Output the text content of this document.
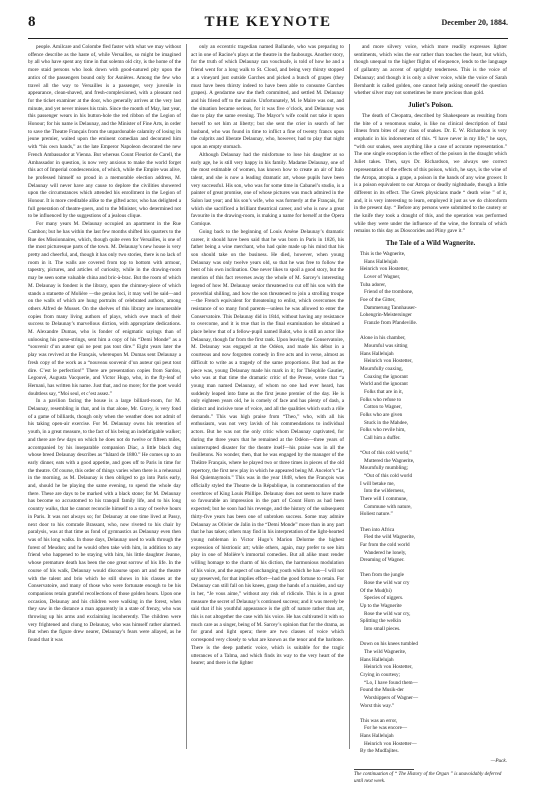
8	THE KEYNOTE	December 20, 1884.

people. Amilcare and Colombe fled faster with what we may without offence describe as the haste of, while Versailles, so might be imagined by all who have spent any time in that solemn old city, is the home of the more staid persons who look down with good-natured pity upon the antics of the passengers bound only for Asnières. Among the few who travel all the way to Versailles is a passenger, very juvenile in appearance, clean-shaved, and fresh-complexioned, with a pleasant nod for the ticket examiner at the door, who generally arrives at the very last minute, and yet never misses his train. Since the month of May, last year, this passenger wears in his button-hole the red ribbon of the Legion of Honour; for his name is Delaunay, and the Minister of Fine Arts, in order to save the Theatre Français from the unpardonable calamity of losing its jeune premier, waited upon the eminent comedian and decorated him with “his own hands,” as the late Emperor Napoleon decorated the new French Ambassador at Vienna. But whereas Count Fleuriot de Carell, the Ambassador in question, is now very anxious to make the world forget this act of Imperial condescension, of which, while the Empire was alive, he professed himself so proud in a memorable election address, M. Delaunay will never have any cause to deplore the civilities showered upon the circumstances which attended his enrollment in the Legion of Honour. It is more creditable alike to the gifted actor, who has delighted a full generation of theatre-goers, and to the Minister, who determined not to be influenced by the suggestions of a jealous clique.

For many years M. Delaunay occupied an apartment in the Rue Cambon; but he has within the last few months shifted his quarters to the Rue des Missionnaires, which, though quite even for Versailles, is one of the most picturesque parts of the town. M. Delaunay’s new house is very pretty and cheerful, and, though it has only two stories, there is no lack of room in it. The walls are covered from top to bottom with armour, tapestry, pictures, and articles of curiosity, while in the drawing-room may be seen some valuable china and bric-à-brac. But the room of which M. Delaunay is fondest is the library, upon the chimney-piece of which stands a statuette of Molière —the genius loci, it may well be said—and on the walls of which are hung portraits of celebrated authors, among others Alfred de Musset. On the shelves of this library are innumerable copies from many living authors of plays, which owe much of their success to Delaunay’s marvellous diction, with appropriate dedications. M. Alexandre Dumas, who is fonder of enigmatic sayings than of unloosing his purse-strings, sent him a copy of his “Demi Monde” as a “souvenir d’un auteur qui ne peut pas tout dire.” Eight years later the play was revived at the Français, whereupon M. Dumas sent Delaunay a fresh copy of the work as a “nouveau souvenir d’un auteur qui peut tout dire. C’est le perfection!” There are presentation copies from Sardou, Legouvé, Augusta Vacquerie, and Victor Hugo, who, in the fly-leaf of Hernani, has written his name. Just that, and no more; for the poet would doubtless say, “Moi seul, et c’est assez.”

In a pavilion facing the house is a large billiard-room, for M. Delaunay, resembling in that, and in that alone, Mr. Gravy, is very fond of a game of billiards, though only when the weather does not admit of his taking open-air exercise. For M. Delaunay owns his retention of youth, in a great measure, to the fact of his being an indefatigable walker; and there are few days on which he does not do twelve or fifteen miles, accompanied by his inseparable companion Diac, a little black dog whose breed Delaunay describes as “bâtard de 1880.” He comes up to an early dinner, eats with a good appetite, and goes off to Paris in time for the theatre. Of course, this order of things varies when there is a rehearsal in the morning, as M. Delaunay is then obliged to go into Paris early, and, should he be playing the same evening, to spend the whole day there. These are days to be marked with a black stone; for M. Delaunay has become so accustomed to his tranquil family life, and to his long country walks, that he cannot reconcile himself to a stay of twelve hours in Paris. It was not always so; for Delaunay at one time lived at Passy, next door to his comrade Brassant, who, now riveted to his chair by paralysis, was at that time as fond of gymnastics as Delaunay even then was of his long walks. In those days, Delaunay used to walk through the forest of Meudon; and he would often take with him, in addition to any friend who happened to be staying with him, his little daughter Jeanne, whose premature death has been the one great sorrow of his life. In the course of his walk, Delaunay would discourse upon art and the theatre with the talent and brio which he still shows in his classes at the Conservatoire, and many of those who were fortunate enough to be his companions retain grateful recollections of those golden hours. Upon one occasion, Delaunay and his children were walking in the forest, when they saw in the distance a man apparently in a state of frenzy, who was throwing up his arms and exclaiming incoherently. The children were very frightened and clung to Delaunay, who was himself rather alarmed. But when the figure drew nearer, Delaunay’s fears were allayed, as he found that it was

only an eccentric tragedian named Ballande, who was preparing to act in one of Racine’s plays at the theatre in the faubourgs. Another story, for the truth of which Delaunay can vouchsafe, is told of how he and a friend went for a long walk to St. Cloud, and being very thirsty stopped at a vineyard just outside Garches and picked a bunch of grapes (they must have been thirsty indeed to have been able to consume Garches grapes). A gendarme saw the theft committed, and settled M. Delaunay and his friend off to the mairie. Unfortunately, M. le Maire was out, and the situation became serious, for it was five o’clock, and Delaunay was due to play the same evening. The Mayor’s wife could not take it upon herself to set him at liberty; but she sent the crier in search of her husband, who was found in time to inflict a fine of twenty francs upon the culprits and liberate Delaunay, who, however, had to play that night upon an empty stomach.

Although Delaunay had the misfortune to lose his daughter at so early age, he is still very happy in his family. Madame Delaunay, one of the most estimable of women, has known how to create an air of Italo talent, and she is now a leading dramatic art, whose pupils have been very successful. His son, who was for some time in Cabanel’s studio, is a painter of great promise, one of whose pictures was much admired in the Salon last year; and his son’s wife, who was formerly at the Français, for which she sacrificed a brilliant theatrical career, and who is now a great favourite in the drawing-room, is making a name for herself at the Opera Comique.

Going back to the beginning of Louis Arsène Delaunay’s dramatic career, it should have been said that he was born in Paris in 1826, his father being a wine merchant, who had quite made up his mind that his son should take on the business. He died, however, when young Delaunay was only twelve years old, so that he was free to follow the bent of his own inclination. One never likes to spoil a good story, but the mention of this fact reverses away the whole of M. Sarcey’s interesting legend of how M. Delaunay senior threatened to cut off his son with the proverbial shilling, and how the son threatened to join a strolling troupe —the French equivalent for threatening to enlist, which overcomes the resistance of so many fond parents—unless he was allowed to enter the Conservatoire. This Delaunay did in 1844, without having any resistance to overcome, and it is true that in the final examination he obtained a place below that of a fellow-pupil named Balot, who is still an actor like Delaunay, though far from the first rank. Upon leaving the Conservatoire, M. Delaunay was engaged at the Odéon, and made his début in a courteous and now forgotten comedy in five acts and in verse, almost as difficult to write as a tragedy of the same proportions. But bad as the piece was, young Delaunay made his mark in it; for Théophile Gautier, who was at that time the dramatic critic of the Presse, wrote that “a young man named Delaunay, of whom no one had ever heard, has suddenly leaped into fame as the first jeune premier of the day. He is only eighteen years old, he is comely of face and has plenty of dash, a distinct and incisive tone of voice, and all the qualities which such a rôle demands.” This was high praise from “Theo,” who, with all his enthusiasm, was not very lavish of his commendations to individual actors. But he was not the only critic whom Delaunay captivated, for during the three years that he remained at the Odéon—three years of uninterrupted disaster for the theatre itself—his praise was in all the feuilletons. No wonder, then, that he was engaged by the manager of the Théâtre Français, where he played two or three times in pieces of the old repertory, the first new play in which he appeared being M. Ancelot’s “Le Roi Quiemaymoin.” This was in the year 1848, when the François was officially styled the Theatre de la République, in commemoration of the overthrow of King Louis Phillipe. Delaunay does not seem to have made so favourable an impression in the part of Count Horn as had been expected; but he soon had his revenge, and the history of the subsequent thirty-five years has been one of unbroken success. Some may admire Delaunay as Olivier de Jalin in the “Demi Monde” more than in any part that he has taken; others may find in his interpretation of the light-hearted young nobleman in Victor Hugo’s Marion Delorme the highest expression of histrionic art; while others, again, may prefer to see him play in one of Molière’s immortal comedies. But all alike must render willing homage to the charm of his diction, the harmonious modulation of his voice, and the aspect of unchanging youth which he has—I will not say preserved, for that implies effort—had the good fortune to retain. For Delaunay can still fall on his knees, grasp the hands of a maiden, and say in her, “Je vous aime,” without any risk of ridicule. This is in a great measure the secret of Delaunay’s continued success; and it was merely be said that if his youthful appearance is the gift of nature rather than art, this is not altogether the case with his voice. He has cultivated it with so much care as a singer, being of M. Sarcey’s opinion that for the drama, as for grand and light opera; there are two classes of voice which correspond very closely to what are known as the tenor and the baritone. There is the deep pathetic voice, which is suitable for the tragic utterances of a Talma, and which finds its way to the very heart of the hearer; and there is the lighter

and more silvery voice, which more readily expresses lighter sentiments, which wins the ear rather than touches the heart, but which, though unequal to the higher flights of eloquence, lends to the language of gallantry an accent of sprightly tenderness. This is the voice of Delaunay; and though it is only a silver voice, while the voice of Sarah Bernhardt is called golden, one cannot help asking oneself the question whether silver may not sometimes be more precious than gold.

Juliet’s Poison.

The death of Cleopatra, described by Shakespeare as resulting from the bite of a venomous snake, is like no clinical description of fatal illness from bites of any class of snakes. Dr. E. W. Richardson is very emphatic in his indorsement of this. “I have never in my life,” he says, “with our snakes, seen anything like a case of accurate representation.” The one single exception is the effect of the poison in the draught which Juliet takes. Then, says Dr. Richardson, we always see correct representation of the effects of this poison, which, he says, is the wine of the Atropa, atropia. a grape, a poison in the hands of any wine grower. It is a poison equivalent to our Atropa or deadly nightshade, though a little different in its effect. The Greek physicians made “ death wine ” of it, and, it is very interesting to learn, employed it just as we do chloroform in the present day. “ Before any persons were submitted to the cautery or the knife they took a draught of this, and the operation was performed while they were under the influence of the wine, the formula of which remains to this day as Dioscorides and Pliny gave it.”

The Tale of a Wild Wagnerite.
This is the Wagnerite,
Hans Hallelujah
Heinrich von Hostetter,
Lover of Wagner,
Tuba adorer,
Friend of the trombone,
Foe of the Gitter,
Dammerung Tannhauser-
Lohengrin-Meistersinger
Franzle from Pfandeville.
Alone in his chamber,
Mournful was sitting
Hans Hallelujah
Heinrich von Hostetter,
Mournfully coaxing,
Coaxing the ignorant
World and the ignorant
Folks that are in it,
Folks who refuse to
Cotton to Wagner,
Folks who are given
Stuck in the Mahdee,
Folks who revile him,
Call him a duffer.
“Out of this cold world,”
Muttered the Wagnerite,
Mournfully mumbling;
“Out of this cold world
I will betake me,
Into the wilderness,
There will I commune,
Commune with nature,
Holiest nature.”
Then into Africa
Fled the wild Wagnerite,
Far from the cold world
Wandered he lonely,
Dreaming of Wagner.
Then from the jungle
Rose the wild war cry
Of the Mud(hi)
Species of niggers.
Up to the Wagnerite
Rose the wild war cry,
Splitting the welkin
Into small pieces.
Down on his knees tumbled
The wild Wagnerite,
Hans Hallelujah
Heinrich von Hostetter,
Crying in courtesy;
“Lo, I have found them—
Found the Musik-der
Worshippers of Wagner—
Worst this way.”
This was an error,
For he was encore—
Hans Hallelujah
Heinrich von Hostetter—
By the Mudfajites.
—Puck.
The continuation of “ The History of the Organ ” is unavoidably deferred until next week.
